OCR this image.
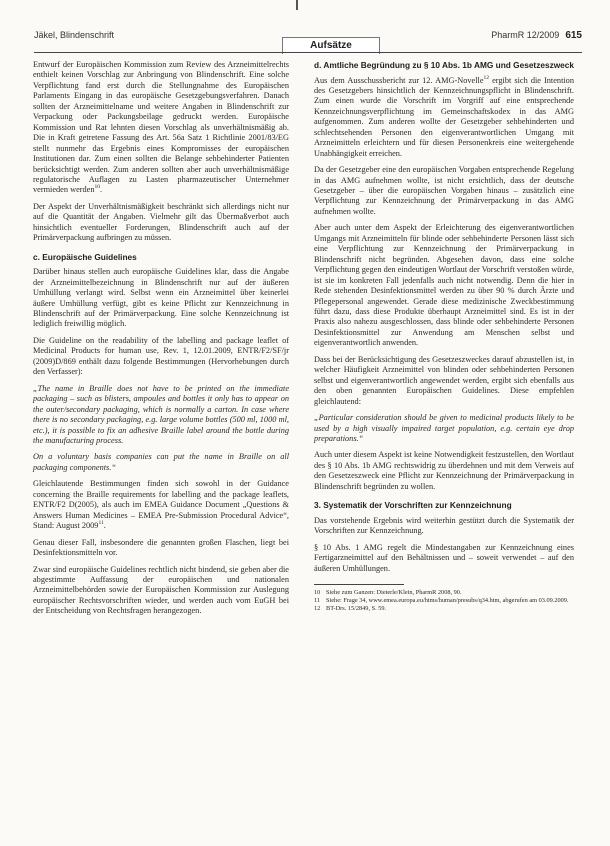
Jäkel, Blindenschrift
Aufsätze
PharmR 12/2009 615

Entwurf der Europäischen Kommission zum Review des Arzneimittelrechts enthielt keinen Vorschlag zur Anbringung von Blindenschrift. Eine solche Verpflichtung fand erst durch die Stellungnahme des Europäischen Parlaments Eingang in das europäische Gesetzgebungsverfahren. Danach sollten der Arzneimittelname und weitere Angaben in Blindenschrift zur Verpackung oder Packungsbeilage gedruckt werden. Europäische Kommission und Rat lehnten diesen Vorschlag als unverhältnismäßig ab. Die in Kraft getretene Fassung des Art. 56a Satz 1 Richtlinie 2001/83/EG stellt nunmehr das Ergebnis eines Kompromisses der europäischen Institutionen dar. Zum einen sollten die Belange sehbehinderter Patienten berücksichtigt werden. Zum anderen sollten aber auch unverhältnismäßige regulatorische Auflagen zu Lasten pharmazeutischer Unternehmer vermieden werden$^{10}$.

Der Aspekt der Unverhältnismäßigkeit beschränkt sich allerdings nicht nur auf die Quantität der Angaben. Vielmehr gilt das Übermaßverbot auch hinsichtlich eventueller Forderungen, Blindenschrift auch auf der Primärverpackung aufbringen zu müssen.

c. Europäische Guidelines

Darüber hinaus stellen auch europäische Guidelines klar, dass die Angabe der Arzneimittelbezeichnung in Blindenschrift nur auf der äußeren Umhüllung verlangt wird. Selbst wenn ein Arzneimittel über keinerlei äußere Umhüllung verfügt, gibt es keine Pflicht zur Kennzeichnung in Blindenschrift auf der Primärverpackung. Eine solche Kennzeichnung ist lediglich freiwillig möglich.

Die Guideline on the readability of the labelling and package leaflet of Medicinal Products for human use, Rev. 1, 12.01.2009, ENTR/F2/SF/jr (2009)D/869 enthält dazu folgende Bestimmungen (Hervorhebungen durch den Verfasser):

„The name in Braille does not have to be printed on the immediate packaging – such as blisters, ampoules and bottles it only has to appear on the outer/secondary packaging, which is normally a carton. In case where there is no secondary packaging, e.g. large volume bottles (500 ml, 1000 ml, etc.), it is possible to fix an adhesive Braille label around the bottle during the manufacturing process.

On a voluntary basis companies can put the name in Braille on all packaging components.“

Gleichlautende Bestimmungen finden sich sowohl in der Guidance concerning the Braille requirements for labelling and the package leaflets, ENTR/F2 D(2005), als auch im EMEA Guidance Document „Questions & Answers Human Medicines – EMEA Pre-Submission Procedural Advice“, Stand: August 2009$^{11}$.

Genau dieser Fall, insbesondere die genannten großen Flaschen, liegt bei Desinfektionsmitteln vor.

Zwar sind europäische Guidelines rechtlich nicht bindend, sie geben aber die abgestimmte Auffassung der europäischen und nationalen Arzneimittelbehörden sowie der Europäischen Kommission zur Auslegung europäischer Rechtsvorschriften wieder, und werden auch vom EuGH bei der Entscheidung von Rechtsfragen herangezogen.

d. Amtliche Begründung zu § 10 Abs. 1b AMG und Gesetzeszweck

Aus dem Ausschussbericht zur 12. AMG-Novelle$^{12}$ ergibt sich die Intention des Gesetzgebers hinsichtlich der Kennzeichnungspflicht in Blindenschrift. Zum einen wurde die Vorschrift im Vorgriff auf eine entsprechende Kennzeichnungsverpflichtung im Gemeinschaftskodex in das AMG aufgenommen. Zum anderen wollte der Gesetzgeber sehbehinderten und schlechtsehenden Personen den eigenverantwortlichen Umgang mit Arzneimitteln erleichtern und für diesen Personenkreis eine weitergehende Unabhängigkeit erreichen.

Da der Gesetzgeber eine den europäischen Vorgaben entsprechende Regelung in das AMG aufnehmen wollte, ist nicht ersichtlich, dass der deutsche Gesetzgeber – über die europäischen Vorgaben hinaus – zusätzlich eine Verpflichtung zur Kennzeichnung der Primärverpackung in das AMG aufnehmen wollte.

Aber auch unter dem Aspekt der Erleichterung des eigenverantwortlichen Umgangs mit Arzneimitteln für blinde oder sehbehinderte Personen lässt sich eine Verpflichtung zur Kennzeichnung der Primärverpackung in Blindenschrift nicht begründen. Abgesehen davon, dass eine solche Verpflichtung gegen den eindeutigen Wortlaut der Vorschrift verstoßen würde, ist sie im konkreten Fall jedenfalls auch nicht notwendig. Denn die hier in Rede stehenden Desinfektionsmittel werden zu über 90 % durch Ärzte und Pflegepersonal angewendet. Gerade diese medizinische Zweckbestimmung führt dazu, dass diese Produkte überhaupt Arzneimittel sind. Es ist in der Praxis also nahezu ausgeschlossen, dass blinde oder sehbehinderte Personen Desinfektionsmittel zur Anwendung am Menschen selbst und eigenverantwortlich anwenden.

Dass bei der Berücksichtigung des Gesetzeszweckes darauf abzustellen ist, in welcher Häufigkeit Arzneimittel von blinden oder sehbehinderten Personen selbst und eigenverantwortlich angewendet werden, ergibt sich ebenfalls aus den oben genannten Europäischen Guidelines. Diese empfehlen gleichlautend:

„Particular consideration should be given to medicinal products likely to be used by a high visually impaired target population, e.g. certain eye drop preparations.“

Auch unter diesem Aspekt ist keine Notwendigkeit festzustellen, den Wortlaut des § 10 Abs. 1b AMG rechtswidrig zu überdehnen und mit dem Verweis auf den Gesetzeszweck eine Pflicht zur Kennzeichnung der Primärverpackung in Blindenschrift begründen zu wollen.

3. Systematik der Vorschriften zur Kennzeichnung

Das vorstehende Ergebnis wird weiterhin gestützt durch die Systematik der Vorschriften zur Kennzeichnung.

§ 10 Abs. 1 AMG regelt die Mindestangaben zur Kennzeichnung eines Fertigarzneimittel auf den Behältnissen und – soweit verwendet – auf den äußeren Umhüllungen.

10 Siehe zum Ganzen: Dieterle/Klein, PharmR 2008, 90.
11 Siehe: Frage 34, www.emea.europa.eu/htms/human/presubs/q34.htm, abgerufen am 03.09.2009.
12 BT-Drs. 15/2849, S. 59.
